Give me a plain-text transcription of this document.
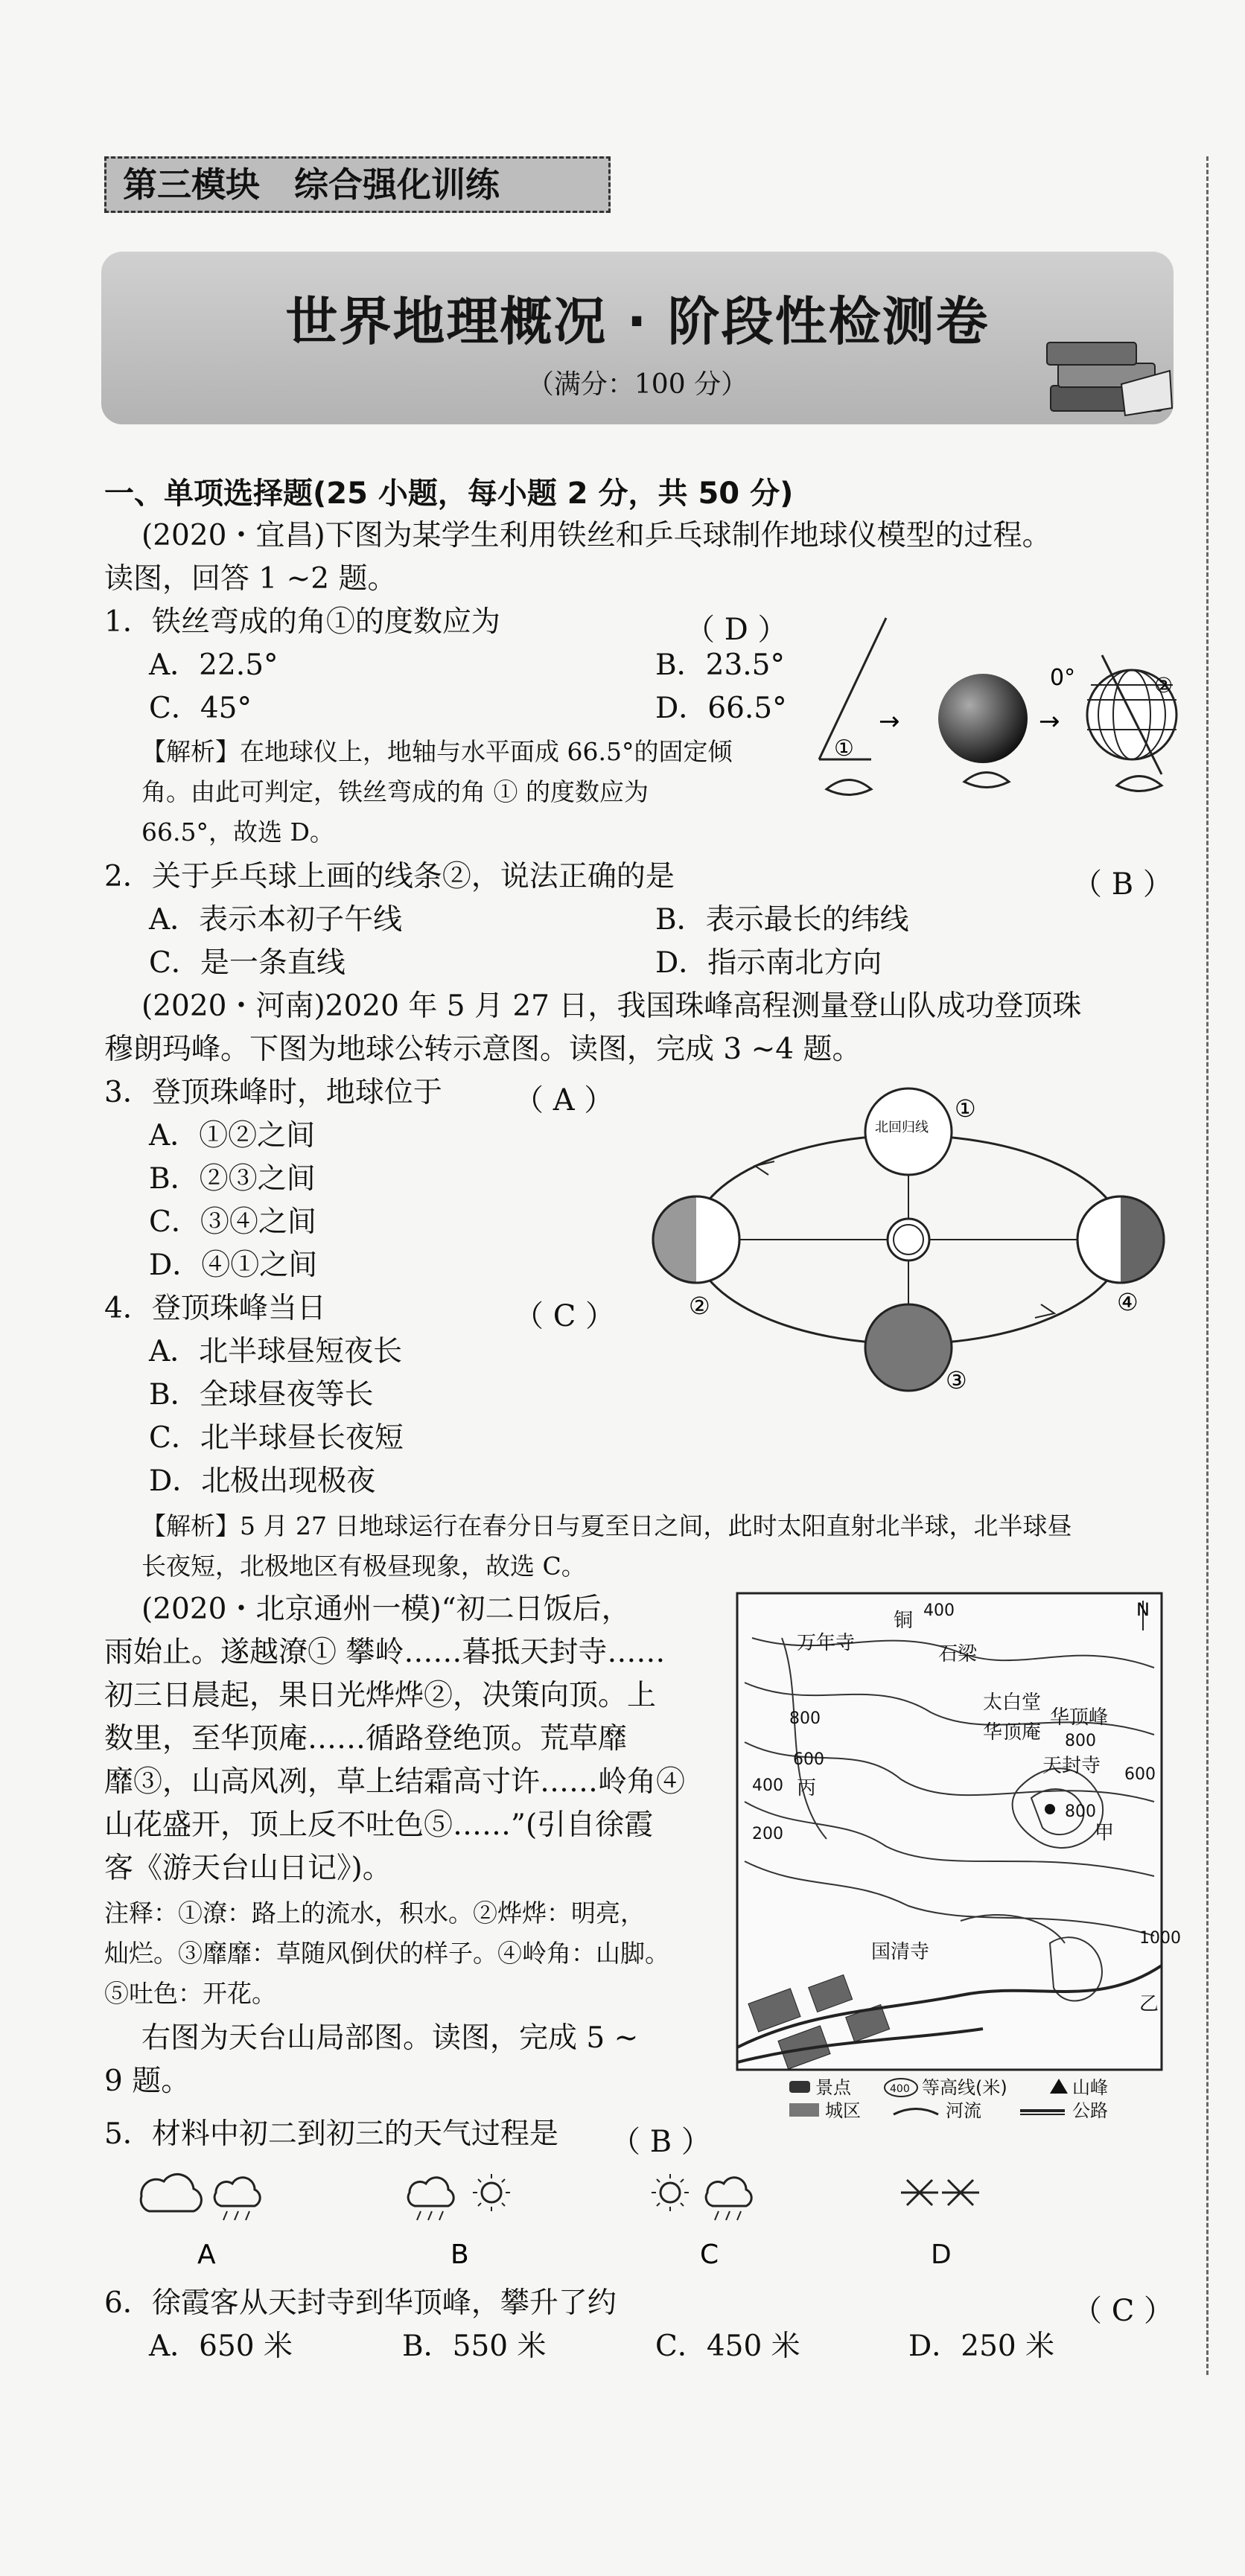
第三模块　综合强化训练
世界地理概况 · 阶段性检测卷
（满分：100 分）
一、单项选择题(25 小题，每小题 2 分，共 50 分)
(2020・宜昌)下图为某学生利用铁丝和乒乓球制作地球仪模型的过程。
读图，回答 1 ~2 题。
1．铁丝弯成的角①的度数应为	（ D ）
A．22.5°	B．23.5°
C．45°	D．66.5°
【解析】在地球仪上，地轴与水平面成 66.5°的固定倾
角。由此可判定，铁丝弯成的角 ① 的度数应为
66.5°，故选 D。
①
→	→
0°	②
2．关于乒乓球上画的线条②，说法正确的是	（ B ）
A．表示本初子午线	B．表示最长的纬线
C．是一条直线	D．指示南北方向
(2020・河南)2020 年 5 月 27 日，我国珠峰高程测量登山队成功登顶珠
穆朗玛峰。下图为地球公转示意图。读图，完成 3 ~4 题。
3．登顶珠峰时，地球位于 （ A ）
A．①②之间
B．②③之间
C．③④之间
D．④①之间
4．登顶珠峰当日	（ C ）
A．北半球昼短夜长
B．全球昼夜等长
C．北半球昼长夜短
D．北极出现极夜
【解析】5 月 27 日地球运行在春分日与夏至日之间，此时太阳直射北半球，北半球昼
长夜短，北极地区有极昼现象，故选 C。
北回归线
①
②
③
④
(2020・北京通州一模)“初二日饭后，
雨始止。遂越潦① 攀岭……暮抵天封寺……
初三日晨起，果日光烨烨②，决策向顶。上
数里，至华顶庵……循路登绝顶。荒草靡
靡③，山高风冽，草上结霜高寸许……岭角④
山花盛开，顶上反不吐色⑤……”(引自徐霞
客《游天台山日记》)。
注释：①潦：路上的流水，积水。②烨烨：明亮，
灿烂。③靡靡：草随风倒伏的样子。④岭角：山脚。
⑤吐色：开花。
右图为天台山局部图。读图，完成 5 ~
9 题。
N
万年寺
铜
石梁
太白堂
华顶峰
华顶庵
天封寺
国清寺
甲
乙
丙
400
800
600
800
600
400
200
800
1000
景点	400 等高线(米)	山峰
城区	河流	公路
5．材料中初二到初三的天气过程是 （ B ）
A	B	C	D
6．徐霞客从天封寺到华顶峰，攀升了约	（ C ）
A．650 米	B．550 米	C．450 米	D．250 米
